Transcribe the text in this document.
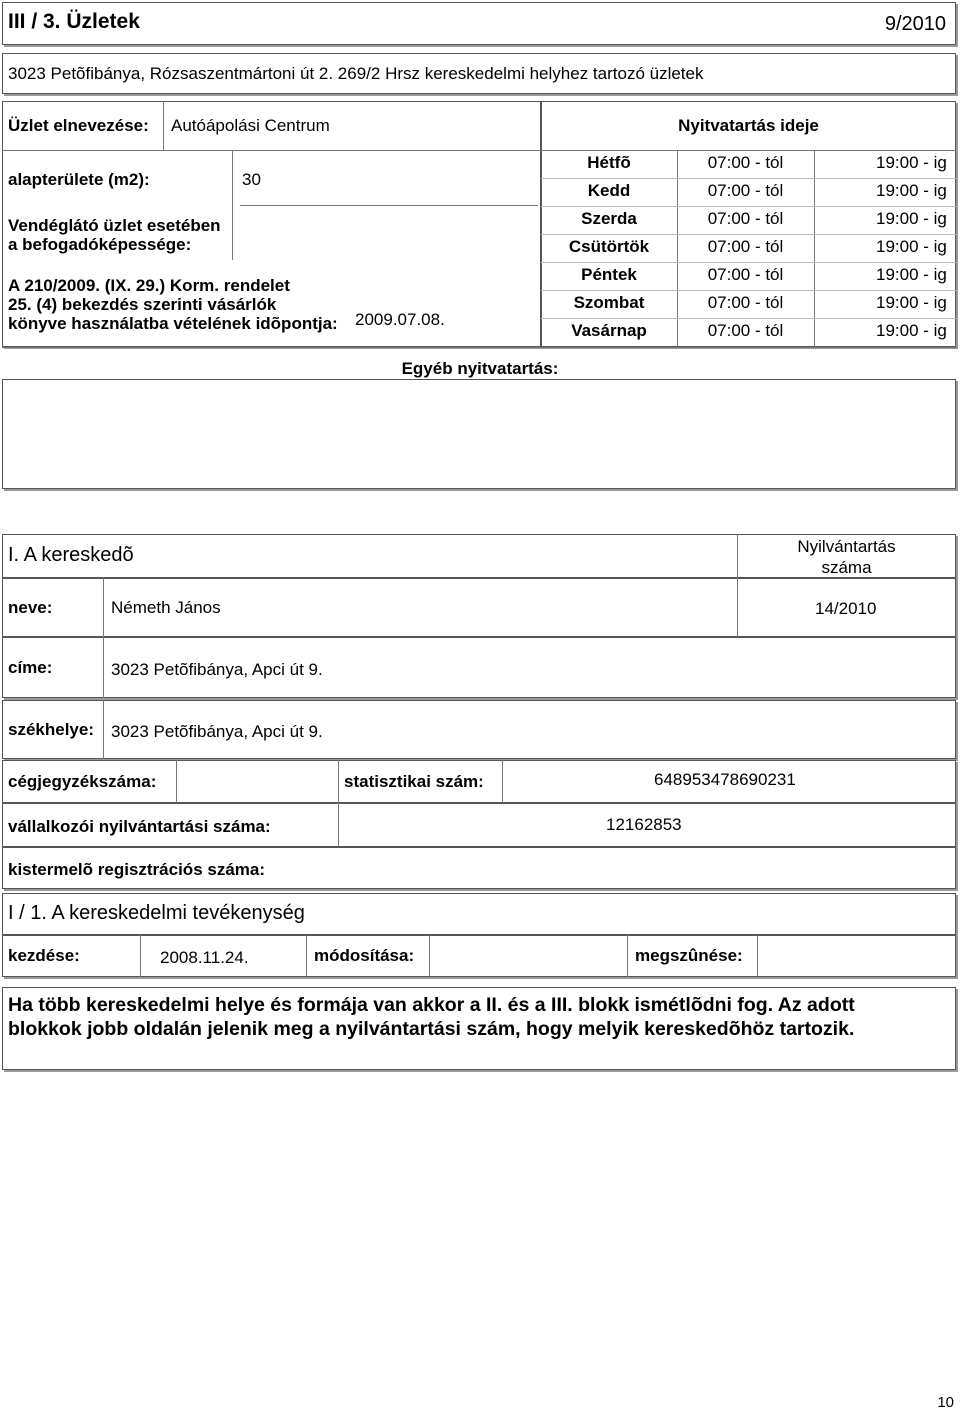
III / 3. Üzletek	9/2010
3023 Petõfibánya, Rózsaszentmártoni út 2. 269/2 Hrsz kereskedelmi helyhez tartozó üzletek
Üzlet elnevezése: Autóápolási Centrum
alapterülete (m2):	30
Vendéglátó üzlet esetében
a befogadóképessége:
A 210/2009. (IX. 29.) Korm. rendelet
25. (4) bekezdés szerinti vásárlók
könyve használatba vételének idõpontja: 2009.07.08.
Nyitvatartás ideje
Hétfõ	07:00 - tól	19:00 - ig
Kedd	07:00 - tól	19:00 - ig
Szerda	07:00 - tól	19:00 - ig
Csütörtök	07:00 - tól	19:00 - ig
Péntek	07:00 - tól	19:00 - ig
Szombat	07:00 - tól	19:00 - ig
Vasárnap	07:00 - tól	19:00 - ig
Egyéb nyitvatartás:
I. A kereskedõ	Nyilvántartás
száma
neve:	Németh János	14/2010
címe:	3023 Petõfibánya, Apci út 9.
székhelye: 3023 Petõfibánya, Apci út 9.
cégjegyzékszáma:	statisztikai szám:	648953478690231
vállalkozói nyilvántartási száma:	12162853
kistermelõ regisztrációs száma:
I / 1. A kereskedelmi tevékenység
kezdése:	2008.11.24.	módosítása:	megszûnése:
Ha több kereskedelmi helye és formája van akkor a II. és a III. blokk ismétlõdni fog. Az adott blokkok jobb oldalán jelenik meg a nyilvántartási szám, hogy melyik kereskedõhöz tartozik.
10
